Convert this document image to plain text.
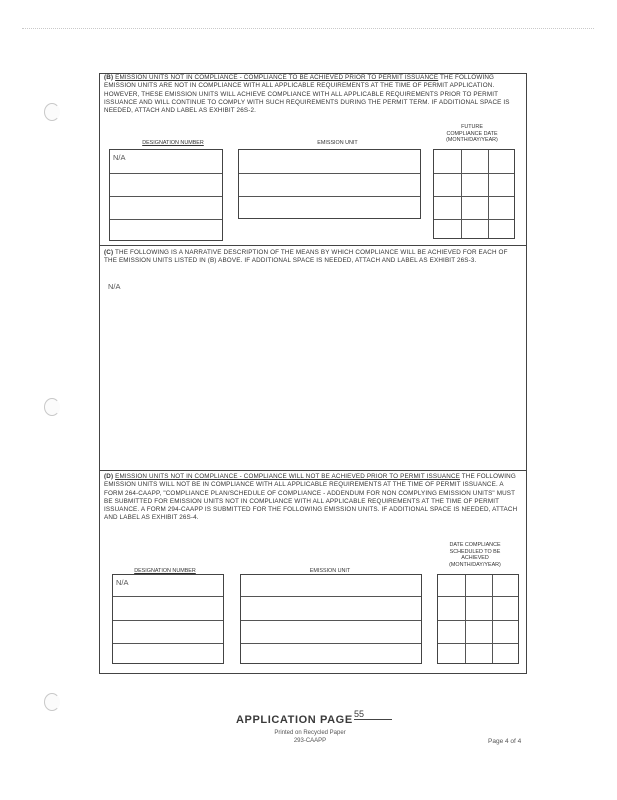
(B) EMISSION UNITS NOT IN COMPLIANCE - COMPLIANCE TO BE ACHIEVED PRIOR TO PERMIT ISSUANCE THE FOLLOWING EMISSION UNITS ARE NOT IN COMPLIANCE WITH ALL APPLICABLE REQUIREMENTS AT THE TIME OF PERMIT APPLICATION. HOWEVER, THESE EMISSION UNITS WILL ACHIEVE COMPLIANCE WITH ALL APPLICABLE REQUIREMENTS PRIOR TO PERMIT ISSUANCE AND WILL CONTINUE TO COMPLY WITH SUCH REQUIREMENTS DURING THE PERMIT TERM. IF ADDITIONAL SPACE IS NEEDED, ATTACH AND LABEL AS EXHIBIT 26S-2.
DESIGNATION NUMBER	EMISSION UNIT
FUTURE
COMPLIANCE DATE
(MONTH/DAY/YEAR)
N/A
(C) THE FOLLOWING IS A NARRATIVE DESCRIPTION OF THE MEANS BY WHICH COMPLIANCE WILL BE ACHIEVED FOR EACH OF THE EMISSION UNITS LISTED IN (B) ABOVE. IF ADDITIONAL SPACE IS NEEDED, ATTACH AND LABEL AS EXHIBIT 26S-3.
N/A
(D) EMISSION UNITS NOT IN COMPLIANCE - COMPLIANCE WILL NOT BE ACHIEVED PRIOR TO PERMIT ISSUANCE THE FOLLOWING EMISSION UNITS WILL NOT BE IN COMPLIANCE WITH ALL APPLICABLE REQUIREMENTS AT THE TIME OF PERMIT ISSUANCE. A FORM 264-CAAPP, "COMPLIANCE PLAN/SCHEDULE OF COMPLIANCE - ADDENDUM FOR NON COMPLYING EMISSION UNITS" MUST BE SUBMITTED FOR EMISSION UNITS NOT IN COMPLIANCE WITH ALL APPLICABLE REQUIREMENTS AT THE TIME OF PERMIT ISSUANCE. A FORM 294-CAAPP IS SUBMITTED FOR THE FOLLOWING EMISSION UNITS. IF ADDITIONAL SPACE IS NEEDED, ATTACH AND LABEL AS EXHIBIT 26S-4.
DESIGNATION NUMBER	EMISSION UNIT
DATE COMPLIANCE
SCHEDULED TO BE
ACHIEVED
(MONTH/DAY/YEAR)
N/A
APPLICATION PAGE 55
Printed on Recycled Paper
293-CAAPP	Page 4 of 4
